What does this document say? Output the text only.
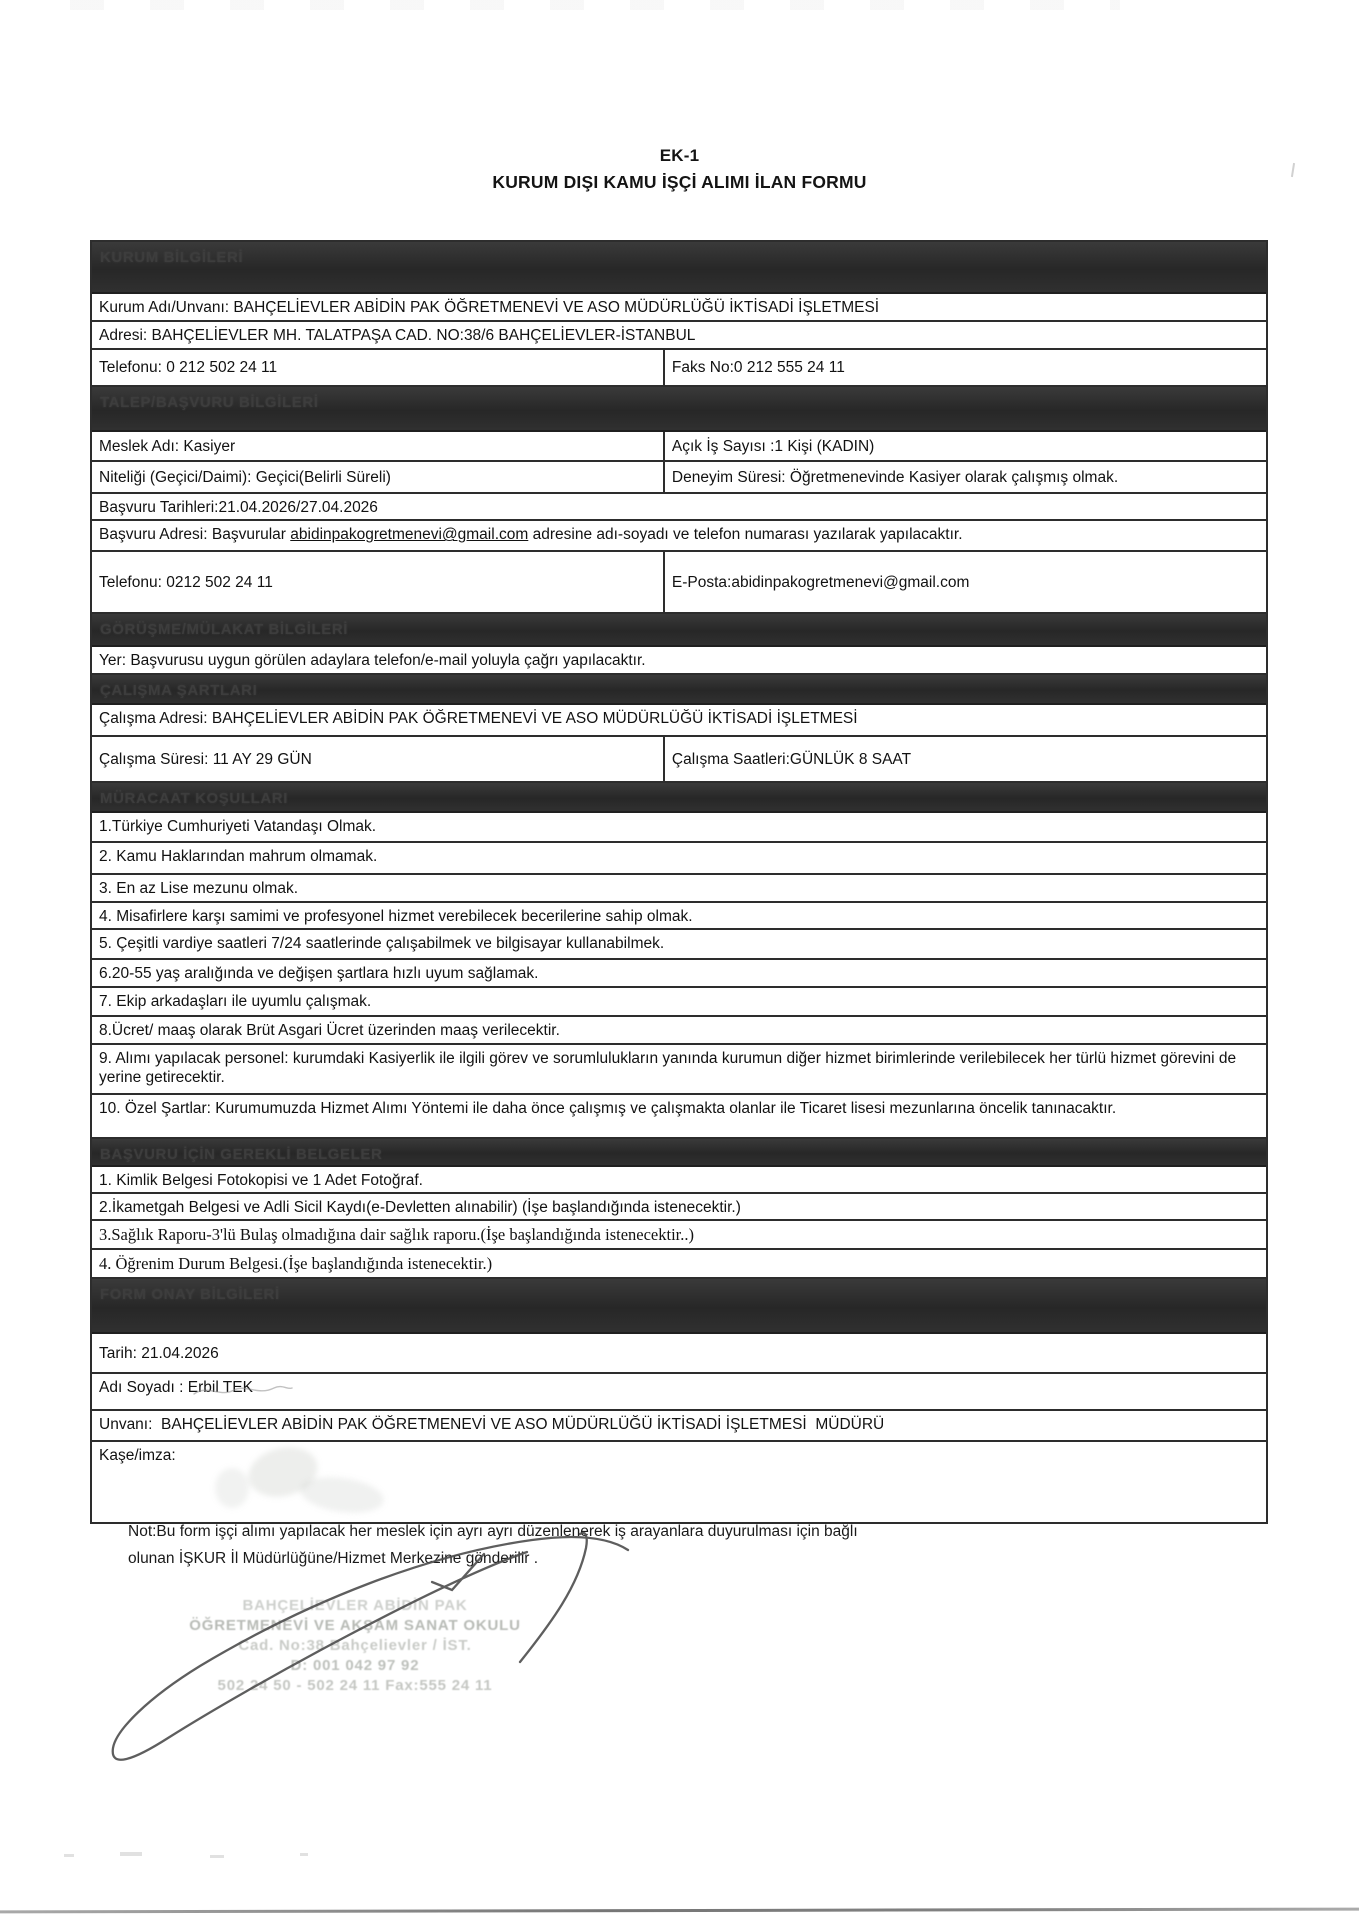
EK-1
KURUM DIŞI KAMU İŞÇİ ALIMI İLAN FORMU
KURUM BİLGİLERİ
Kurum Adı/Unvanı: BAHÇELİEVLER ABİDİN PAK ÖĞRETMENEVİ VE ASO MÜDÜRLÜĞÜ İKTİSADİ İŞLETMESİ
Adresi: BAHÇELİEVLER MH. TALATPAŞA CAD. NO:38/6 BAHÇELİEVLER-İSTANBUL
Telefonu: 0 212 502 24 11	Faks No:0 212 555 24 11
TALEP/BAŞVURU BİLGİLERİ
Meslek Adı: Kasiyer	Açık İş Sayısı :1 Kişi (KADIN)
Niteliği (Geçici/Daimi): Geçici(Belirli Süreli)	Deneyim Süresi: Öğretmenevinde Kasiyer olarak çalışmış olmak.
Başvuru Tarihleri:21.04.2026/27.04.2026
Başvuru Adresi: Başvurular abidinpakogretmenevi@gmail.com adresine adı-soyadı ve telefon numarası yazılarak yapılacaktır.
Telefonu: 0212 502 24 11	E-Posta:abidinpakogretmenevi@gmail.com
GÖRÜŞME/MÜLAKAT BİLGİLERİ
Yer: Başvurusu uygun görülen adaylara telefon/e-mail yoluyla çağrı yapılacaktır.
ÇALIŞMA ŞARTLARI
Çalışma Adresi: BAHÇELİEVLER ABİDİN PAK ÖĞRETMENEVİ VE ASO MÜDÜRLÜĞÜ İKTİSADİ İŞLETMESİ
Çalışma Süresi: 11 AY 29 GÜN	Çalışma Saatleri:GÜNLÜK 8 SAAT
MÜRACAAT KOŞULLARI
1.Türkiye Cumhuriyeti Vatandaşı Olmak.
2. Kamu Haklarından mahrum olmamak.
3. En az Lise mezunu olmak.
4. Misafirlere karşı samimi ve profesyonel hizmet verebilecek becerilerine sahip olmak.
5. Çeşitli vardiye saatleri 7/24 saatlerinde çalışabilmek ve bilgisayar kullanabilmek.
6.20-55 yaş aralığında ve değişen şartlara hızlı uyum sağlamak.
7. Ekip arkadaşları ile uyumlu çalışmak.
8.Ücret/ maaş olarak Brüt Asgari Ücret üzerinden maaş verilecektir.
9. Alımı yapılacak personel: kurumdaki Kasiyerlik ile ilgili görev ve sorumlulukların yanında kurumun diğer hizmet birimlerinde verilebilecek her türlü hizmet görevini de yerine getirecektir.
10. Özel Şartlar: Kurumumuzda Hizmet Alımı Yöntemi ile daha önce çalışmış ve çalışmakta olanlar ile Ticaret lisesi mezunlarına öncelik tanınacaktır.
BAŞVURU İÇİN GEREKLİ BELGELER
1. Kimlik Belgesi Fotokopisi ve 1 Adet Fotoğraf.
2.İkametgah Belgesi ve Adli Sicil Kaydı(e-Devletten alınabilir) (İşe başlandığında istenecektir.)
3.Sağlık Raporu-3'lü Bulaş olmadığına dair sağlık raporu.(İşe başlandığında istenecektir..)
4. Öğrenim Durum Belgesi.(İşe başlandığında istenecektir.)
FORM ONAY BİLGİLERİ
Tarih: 21.04.2026
Adı Soyadı : Erbil TEK
Unvanı:  BAHÇELİEVLER ABİDİN PAK ÖĞRETMENEVİ VE ASO MÜDÜRLÜĞÜ İKTİSADİ İŞLETMESİ  MÜDÜRÜ
Kaşe/imza:
Not:Bu form işçi alımı yapılacak her meslek için ayrı ayrı düzenlenerek iş arayanlara duyurulması için bağlı
olunan İŞKUR İl Müdürlüğüne/Hizmet Merkezine gönderilir .
BAHÇELİEVLER ABİDİN PAK
ÖĞRETMENEVİ VE AKŞAM SANAT OKULU
Cad. No:38 Bahçelievler / İST.
D: 001 042 97 92
502 24 50 - 502 24 11 Fax:555 24 11
